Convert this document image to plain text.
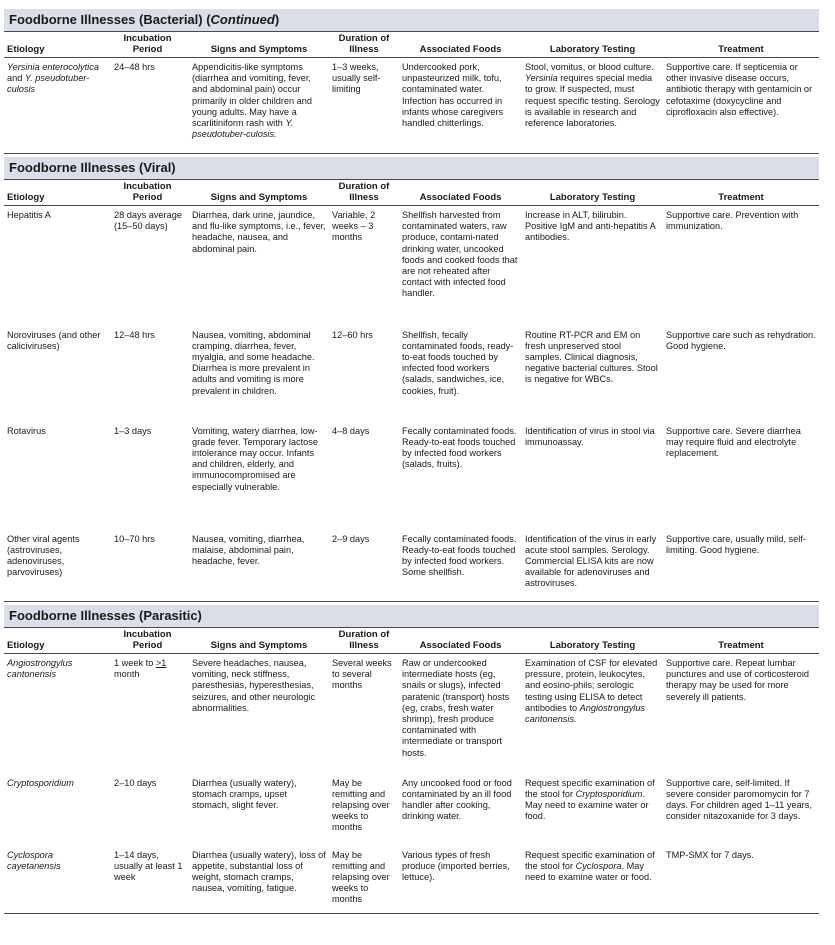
Foodborne Illnesses (Bacterial) (Continued)
Etiology	Incubation Period	Signs and Symptoms	Duration of Illness	Associated Foods	Laboratory Testing	Treatment
Yersinia enterocolytica and Y. pseudotuber-culosis	24–48 hrs	Appendicitis-like symptoms (diarrhea and vomiting, fever, and abdominal pain) occur primarily in older children and young adults. May have a scarlitiniform rash with Y. pseudotuber-culosis.	1–3 weeks, usually self-limiting	Undercooked pork, unpasteurized milk, tofu, contaminated water. Infection has occurred in infants whose caregivers handled chitterlings.	Stool, vomitus, or blood culture. Yersinia requires special media to grow. If suspected, must request specific testing. Serology is available in research and reference laboratories.	Supportive care. If septicemia or other invasive disease occurs, antibiotic therapy with gentamicin or cefotaxime (doxycycline and ciprofloxacin also effective).
Foodborne Illnesses (Viral)
Etiology	Incubation Period	Signs and Symptoms	Duration of Illness	Associated Foods	Laboratory Testing	Treatment
Hepatitis A	28 days average (15–50 days)	Diarrhea, dark urine, jaundice, and flu-like symptoms, i.e., fever, headache, nausea, and abdominal pain.	Variable, 2 weeks – 3 months	Shellfish harvested from contaminated waters, raw produce, contami-nated drinking water, uncooked foods and cooked foods that are not reheated after contact with infected food handler.	Increase in ALT, bilirubin. Positive IgM and anti-hepatitis A antibodies.	Supportive care. Prevention with immunization.
Noroviruses (and other caliciviruses)	12–48 hrs	Nausea, vomiting, abdominal cramping, diarrhea, fever, myalgia, and some headache. Diarrhea is more prevalent in adults and vomiting is more prevalent in children.	12–60 hrs	Shellfish, fecally contaminated foods, ready-to-eat foods touched by infected food workers (salads, sandwiches, ice, cookies, fruit).	Routine RT-PCR and EM on fresh unpreserved stool samples. Clinical diagnosis, negative bacterial cultures. Stool is negative for WBCs.	Supportive care such as rehydration. Good hygiene.
Rotavirus	1–3 days	Vomiting, watery diarrhea, low-grade fever. Temporary lactose intolerance may occur. Infants and children, elderly, and immunocompromised are especially vulnerable.	4–8 days	Fecally contaminated foods. Ready-to-eat foods touched by infected food workers (salads, fruits).	Identification of virus in stool via immunoassay.	Supportive care. Severe diarrhea may require fluid and electrolyte replacement.
Other viral agents (astroviruses, adenoviruses, parvoviruses)	10–70 hrs	Nausea, vomiting, diarrhea, malaise, abdominal pain, headache, fever.	2–9 days	Fecally contaminated foods. Ready-to-eat foods touched by infected food workers. Some shellfish.	Identification of the virus in early acute stool samples. Serology. Commercial ELISA kits are now available for adenoviruses and astroviruses.	Supportive care, usually mild, self-limiting. Good hygiene.
Foodborne Illnesses (Parasitic)
Etiology	Incubation Period	Signs and Symptoms	Duration of Illness	Associated Foods	Laboratory Testing	Treatment
Angiostrongylus cantonensis	1 week to >1 month	Severe headaches, nausea, vomiting, neck stiffness, paresthesias, hyperesthesias, seizures, and other neurologic abnormalities.	Several weeks to several months	Raw or undercooked intermediate hosts (eg, snails or slugs), infected paratenic (transport) hosts (eg, crabs, fresh water shrimp), fresh produce contaminated with intermediate or transport hosts.	Examination of CSF for elevated pressure, protein, leukocytes, and eosino-phils; serologic testing using ELISA to detect antibodies to Angiostrongylus cantonensis.	Supportive care. Repeat lumbar punctures and use of corticosteroid therapy may be used for more severely ill patients.
Cryptosporidium	2–10 days	Diarrhea (usually watery), stomach cramps, upset stomach, slight fever.	May be remitting and relapsing over weeks to months	Any uncooked food or food contaminated by an ill food handler after cooking, drinking water.	Request specific examination of the stool for Cryptosporidium. May need to examine water or food.	Supportive care, self-limited. If severe consider paromomycin for 7 days. For children aged 1–11 years, consider nitazoxanide for 3 days.
Cyclospora cayetanensis	1–14 days, usually at least 1 week	Diarrhea (usually watery), loss of appetite, substantial loss of weight, stomach cramps, nausea, vomiting, fatigue.	May be remitting and relapsing over weeks to months	Various types of fresh produce (imported berries, lettuce).	Request specific examination of the stool for Cyclospora. May need to examine water or food.	TMP-SMX for 7 days.
